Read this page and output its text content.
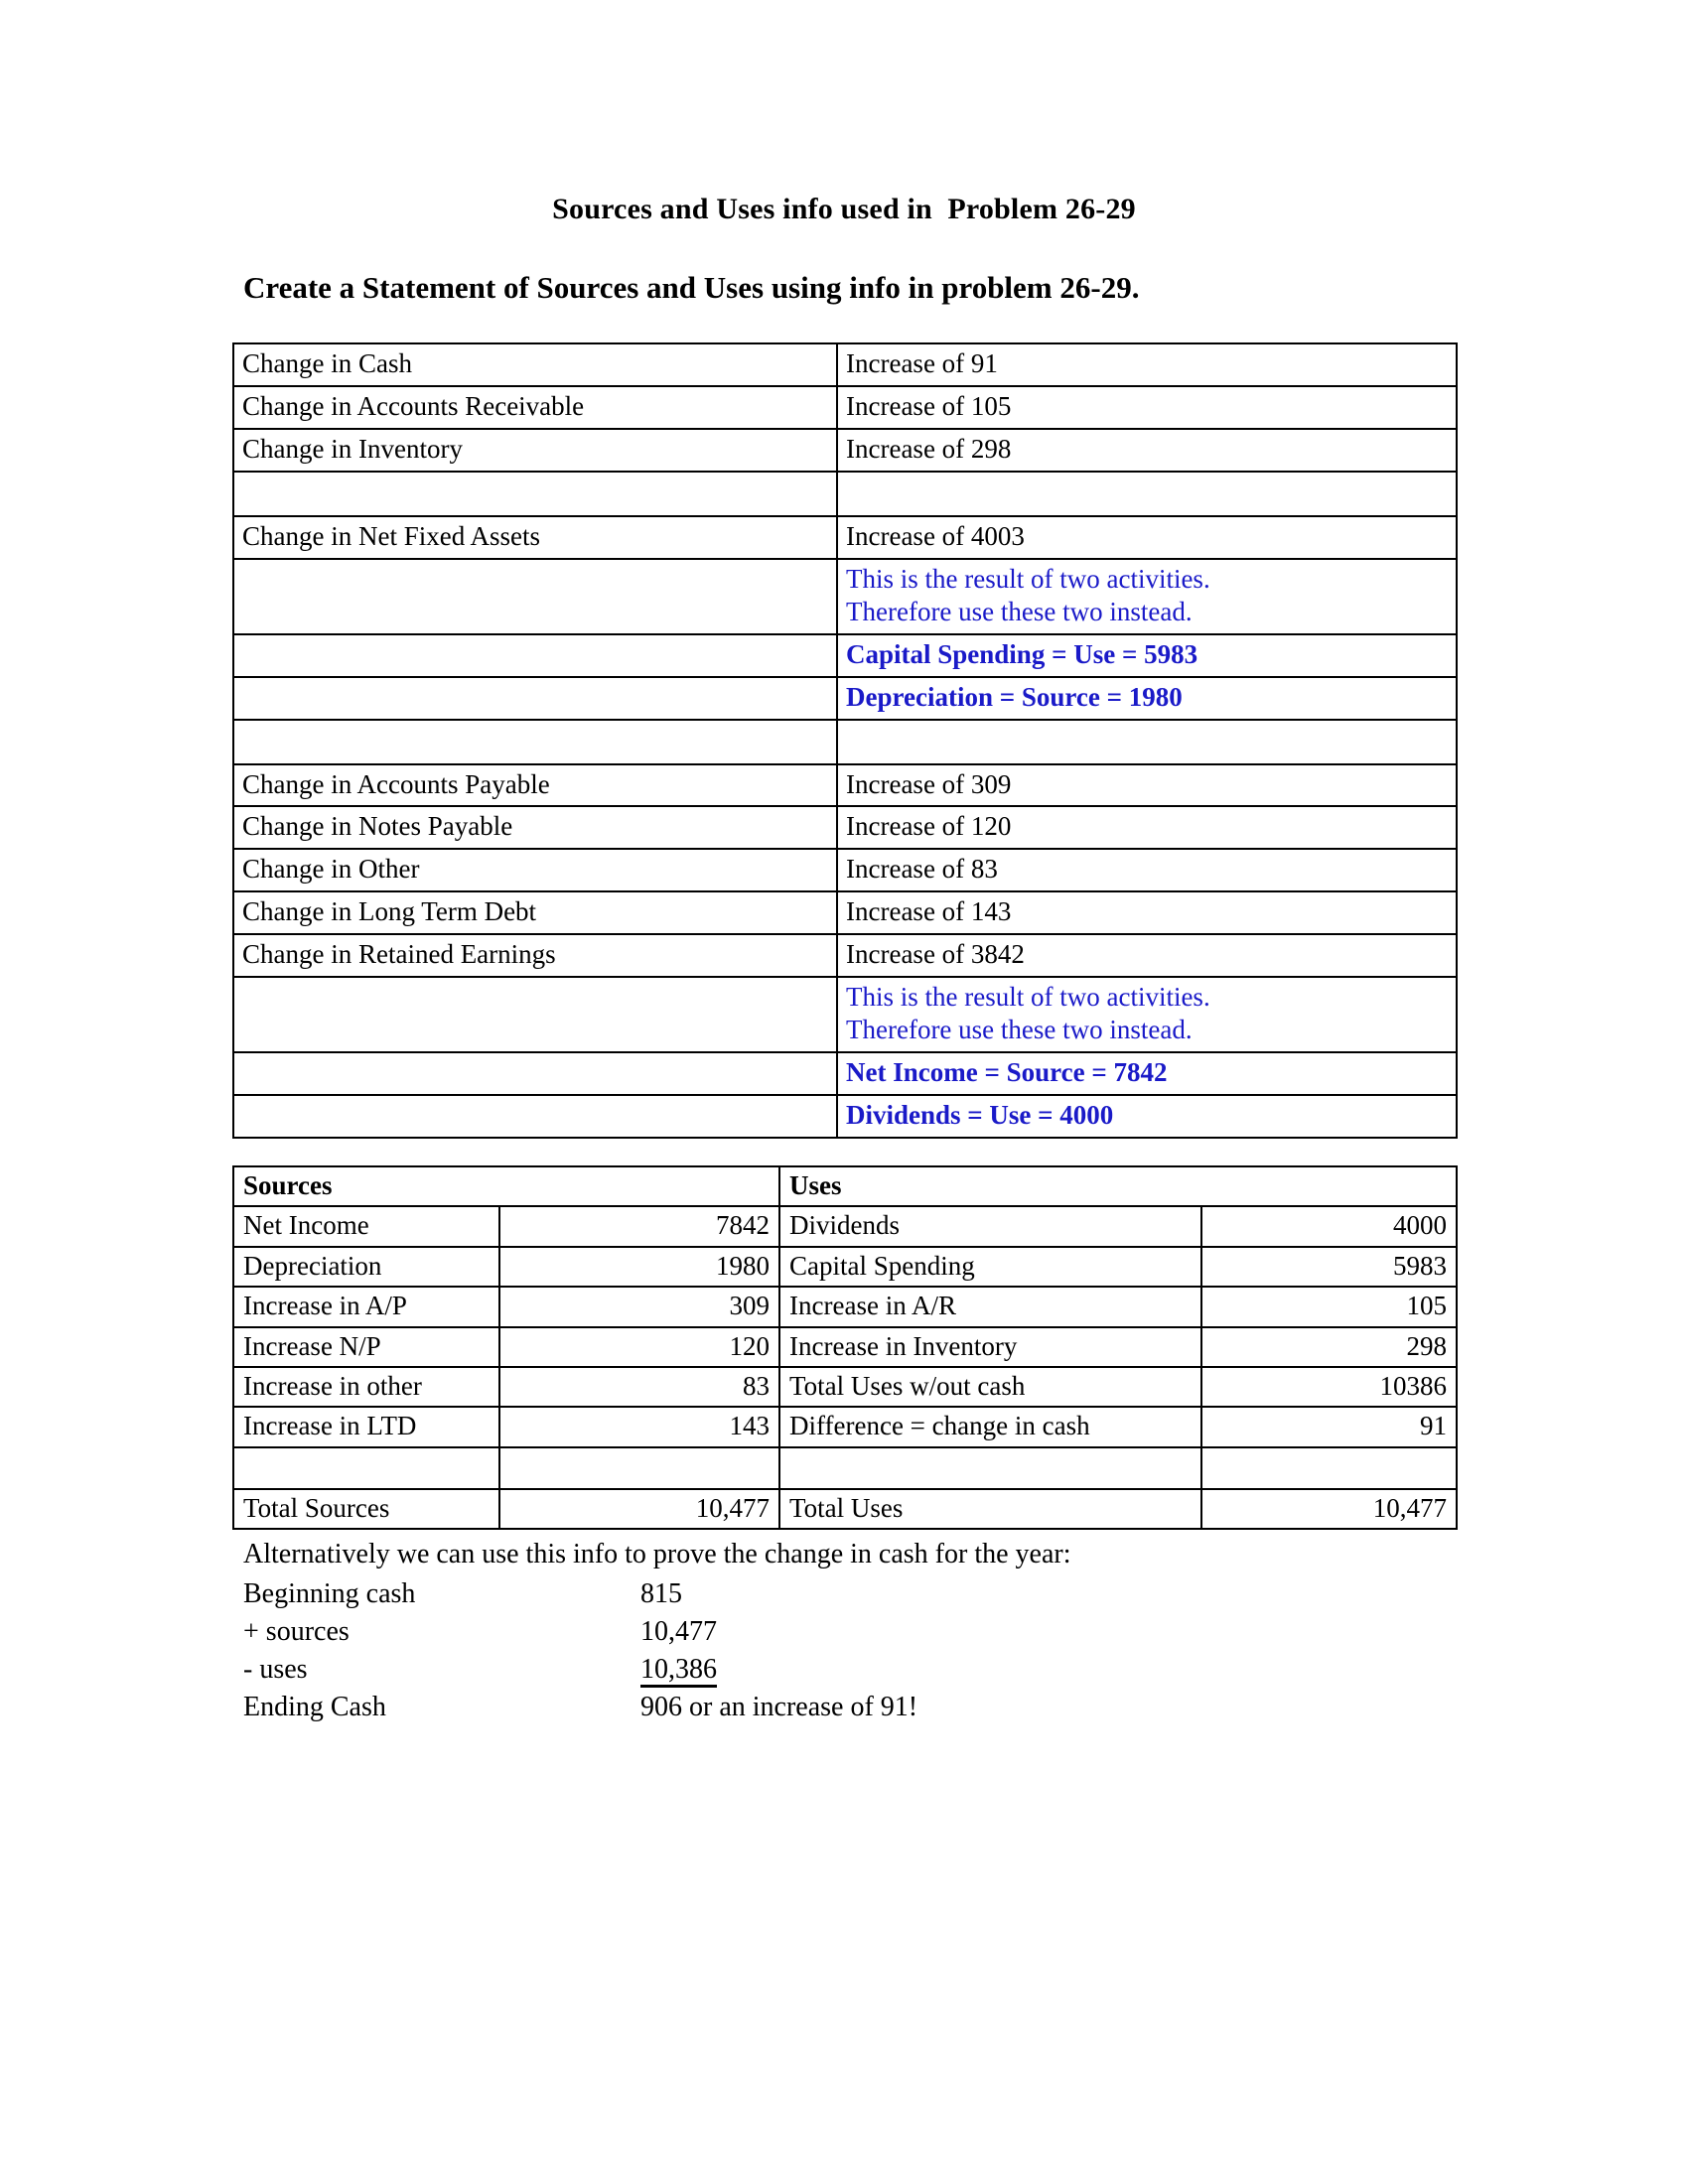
Sources and Uses info used in  Problem 26-29
Create a Statement of Sources and Uses using info in problem 26-29.
Change in Cash	Increase of 91
Change in Accounts Receivable	Increase of 105
Change in Inventory	Increase of 298

Change in Net Fixed Assets	Increase of 4003

	This is the result of two activities.
Therefore use these two instead.

	Capital Spending = Use = 5983
	Depreciation = Source = 1980

Change in Accounts Payable	Increase of 309
Change in Notes Payable	Increase of 120
Change in Other	Increase of 83
Change in Long Term Debt	Increase of 143
Change in Retained Earnings	Increase of 3842

	This is the result of two activities.
Therefore use these two instead.

	Net Income = Source = 7842
	Dividends = Use = 4000
Sources		Uses	
Net Income	7842	Dividends	4000
Depreciation	1980	Capital Spending	5983
Increase in A/P	309	Increase in A/R	105
Increase N/P	120	Increase in Inventory	298
Increase in other	83	Total Uses w/out cash	10386
Increase in LTD	143	Difference = change in cash	91

Total Sources	10,477	Total Uses	10,477
Alternatively we can use this info to prove the change in cash for the year:
Beginning cash	815
+ sources	10,477
- uses	10,386
Ending Cash	906 or an increase of 91!
